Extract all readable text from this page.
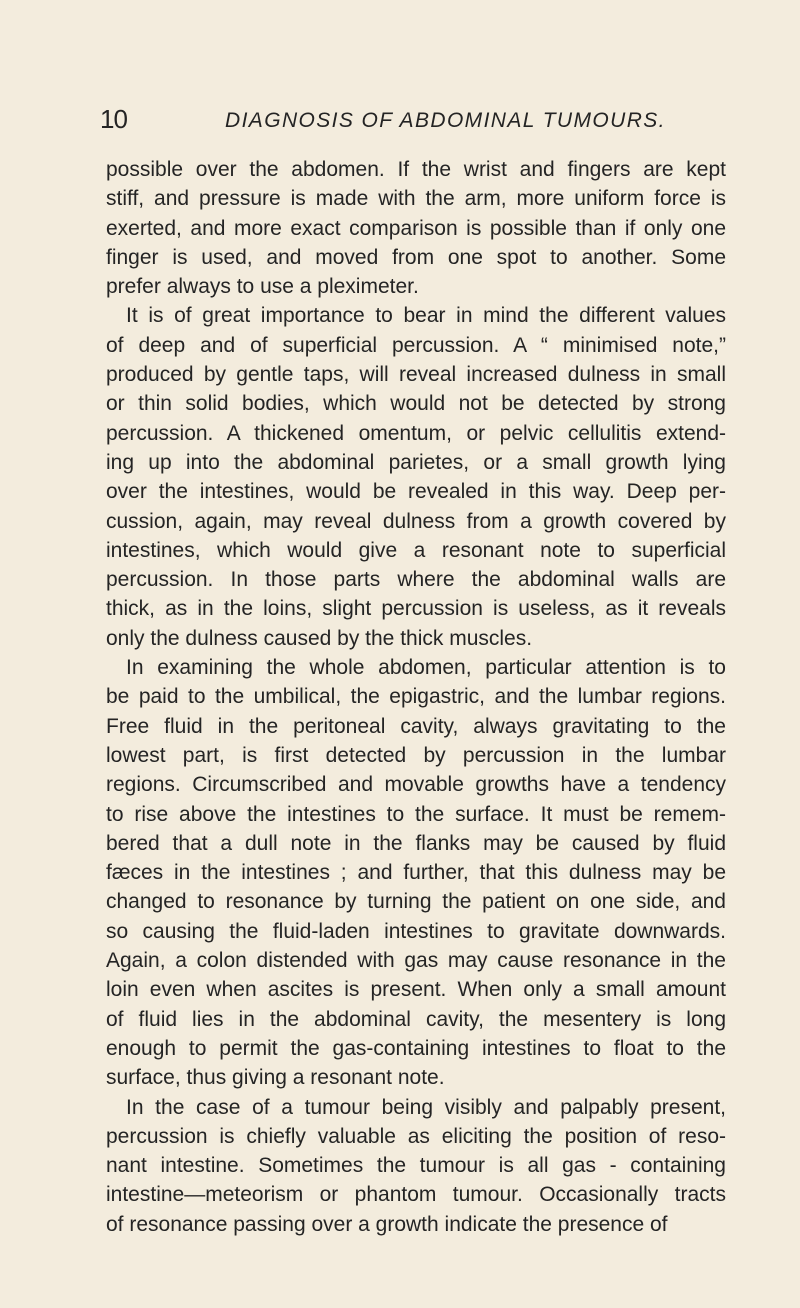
10	DIAGNOSIS OF ABDOMINAL TUMOURS.
possible over the abdomen. If the wrist and fingers are kept
stiff, and pressure is made with the arm, more uniform force is
exerted, and more exact comparison is possible than if only one
finger is used, and moved from one spot to another. Some
prefer always to use a pleximeter.
It is of great importance to bear in mind the different values
of deep and of superficial percussion. A “ minimised note,”
produced by gentle taps, will reveal increased dulness in small
or thin solid bodies, which would not be detected by strong
percussion. A thickened omentum, or pelvic cellulitis extend-
ing up into the abdominal parietes, or a small growth lying
over the intestines, would be revealed in this way. Deep per-
cussion, again, may reveal dulness from a growth covered by
intestines, which would give a resonant note to superficial
percussion. In those parts where the abdominal walls are
thick, as in the loins, slight percussion is useless, as it reveals
only the dulness caused by the thick muscles.
In examining the whole abdomen, particular attention is to
be paid to the umbilical, the epigastric, and the lumbar regions.
Free fluid in the peritoneal cavity, always gravitating to the
lowest part, is first detected by percussion in the lumbar
regions. Circumscribed and movable growths have a tendency
to rise above the intestines to the surface. It must be remem-
bered that a dull note in the flanks may be caused by fluid
fæces in the intestines ; and further, that this dulness may be
changed to resonance by turning the patient on one side, and
so causing the fluid-laden intestines to gravitate downwards.
Again, a colon distended with gas may cause resonance in the
loin even when ascites is present. When only a small amount
of fluid lies in the abdominal cavity, the mesentery is long
enough to permit the gas-containing intestines to float to the
surface, thus giving a resonant note.
In the case of a tumour being visibly and palpably present,
percussion is chiefly valuable as eliciting the position of reso-
nant intestine. Sometimes the tumour is all gas - containing
intestine—meteorism or phantom tumour. Occasionally tracts
of resonance passing over a growth indicate the presence of
